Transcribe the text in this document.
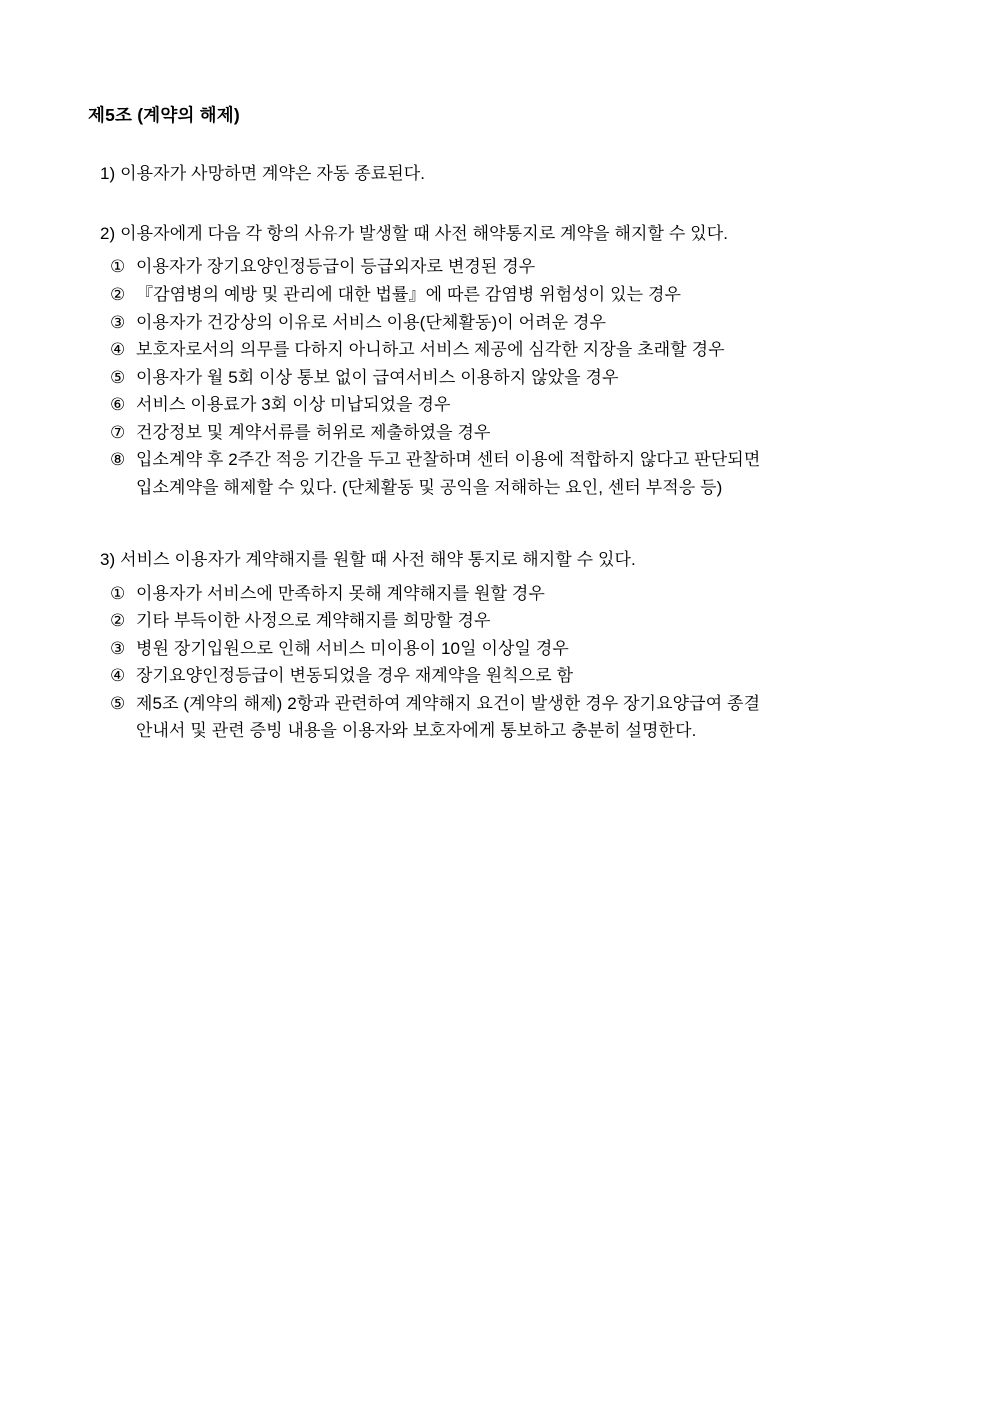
제5조 (계약의 해제)

1) 이용자가 사망하면 계약은 자동 종료된다.

2) 이용자에게 다음 각 항의 사유가 발생할 때 사전 해약통지로 계약을 해지할 수 있다.

① 이용자가 장기요양인정등급이 등급외자로 변경된 경우
② 『감염병의 예방 및 관리에 대한 법률』에 따른 감염병 위험성이 있는 경우
③ 이용자가 건강상의 이유로 서비스 이용(단체활동)이 어려운 경우
④ 보호자로서의 의무를 다하지 아니하고 서비스 제공에 심각한 지장을 초래할 경우
⑤ 이용자가 월 5회 이상 통보 없이 급여서비스 이용하지 않았을 경우
⑥ 서비스 이용료가 3회 이상 미납되었을 경우
⑦ 건강정보 및 계약서류를 허위로 제출하였을 경우
⑧ 입소계약 후 2주간 적응 기간을 두고 관찰하며 센터 이용에 적합하지 않다고 판단되면
입소계약을 해제할 수 있다. (단체활동 및 공익을 저해하는 요인, 센터 부적응 등)

3) 서비스 이용자가 계약해지를 원할 때 사전 해약 통지로 해지할 수 있다.

① 이용자가 서비스에 만족하지 못해 계약해지를 원할 경우
② 기타 부득이한 사정으로 계약해지를 희망할 경우
③ 병원 장기입원으로 인해 서비스 미이용이 10일 이상일 경우
④ 장기요양인정등급이 변동되었을 경우 재계약을 원칙으로 함
⑤ 제5조 (계약의 해제) 2항과 관련하여 계약해지 요건이 발생한 경우 장기요양급여 종결
안내서 및 관련 증빙 내용을 이용자와 보호자에게 통보하고 충분히 설명한다.
